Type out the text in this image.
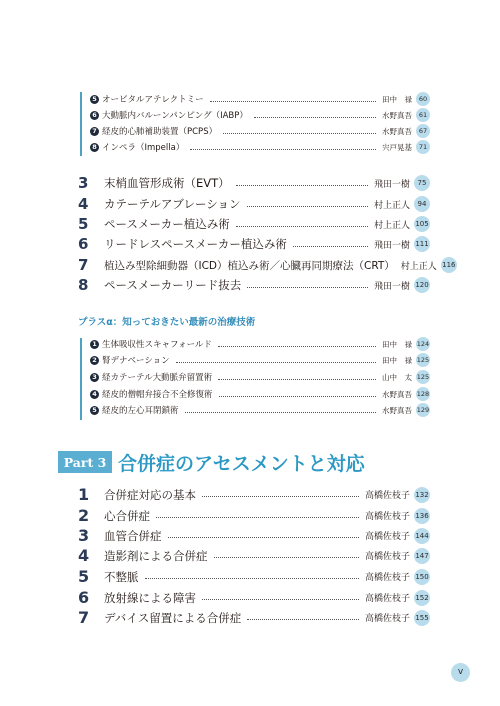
5 オービタルアテレクトミー	田中　禄	60
6 大動脈内バルーンパンピング（IABP）	水野真吾	61
7 経皮的心肺補助装置（PCPS）	水野真吾	67
8 インペラ（Impella）	宍戸晃基	71
3	末梢血管形成術（EVT）	飛田一樹	75
4	カテーテルアブレーション	村上正人	94
5	ペースメーカー植込み術	村上正人 105
6	リードレスペースメーカー植込み術	飛田一樹 111
7	植込み型除細動器（ICD）植込み術／心臓再同期療法（CRT） 村上正人 116
8	ペースメーカーリード抜去	飛田一樹 120
プラスα：知っておきたい最新の治療技術
1 生体吸収性スキャフォールド	田中　禄 124
2 腎デナベーション	田中　禄 125
3 経カテーテル大動脈弁留置術	山中　太 125
4 経皮的僧帽弁接合不全修復術	水野真吾 128
5 経皮的左心耳閉鎖術	水野真吾 129
Part 3 合併症のアセスメントと対応
1	合併症対応の基本	高橋佐枝子 132
2	心合併症	高橋佐枝子 136
3	血管合併症	高橋佐枝子 144
4	造影剤による合併症	高橋佐枝子 147
5	不整脈	高橋佐枝子 150
6	放射線による障害	高橋佐枝子 152
7	デバイス留置による合併症	高橋佐枝子 155
v
